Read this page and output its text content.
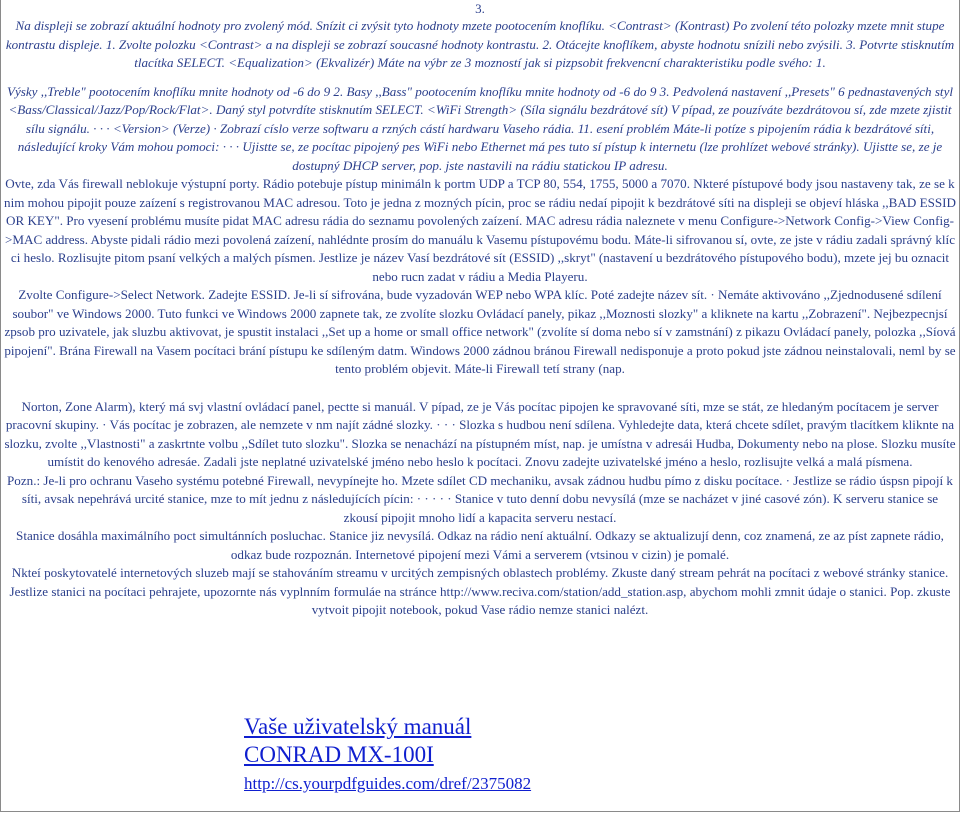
3.

Na displeji se zobrazí aktuální hodnoty pro zvolený mód. Snízit ci zvýsit tyto hodnoty mzete pootocením knoflíku. <Contrast> (Kontrast) Po zvolení této polozky mzete mnit stupe kontrastu displeje. 1. Zvolte polozku <Contrast> a na displeji se zobrazí soucasné hodnoty kontrastu. 2. Otácejte knoflíkem, abyste hodnotu snízili nebo zvýsili. 3. Potvrte stisknutím tlacítka SELECT. <Equalization> (Ekvalizér) Máte na výbr ze 3 mozností jak si pizpsobit frekvencní charakteristiku podle svého: 1.

Výsky ,,Treble" pootocením knoflíku mnite hodnoty od -6 do 9 2. Basy ,,Bass" pootocením knoflíku mnite hodnoty od -6 do 9 3. Pedvolená nastavení ,,Presets" 6 pednastavených styl <Bass/Classical/Jazz/Pop/Rock/Flat>. Daný styl potvrdíte stisknutím SELECT. <WiFi Strength> (Síla signálu bezdrátové sít) V pípad, ze pouzíváte bezdrátovou sí, zde mzete zjistit sílu signálu. · · · <Version> (Verze) · Zobrazí císlo verze softwaru a rzných cástí hardwaru Vaseho rádia. 11. esení problém Máte-li potíze s pipojením rádia k bezdrátové síti, následující kroky Vám mohou pomoci: · · · Ujistte se, ze pocítac pipojený pes WiFi nebo Ethernet má pes tuto sí pístup k internetu (lze prohlízet webové stránky). Ujistte se, ze je dostupný DHCP server, pop. jste nastavili na rádiu statickou IP adresu.

Ovte, zda Vás firewall neblokuje výstupní porty. Rádio potebuje pístup minimáln k portm UDP a TCP 80, 554, 1755, 5000 a 7070. Nkteré pístupové body jsou nastaveny tak, ze se k nim mohou pipojit pouze zaízení s registrovanou MAC adresou. Toto je jedna z mozných pícin, proc se rádiu nedaí pipojit k bezdrátové síti na displeji se objeví hláska ,,BAD ESSID OR KEY". Pro vyesení problému musíte pidat MAC adresu rádia do seznamu povolených zaízení. MAC adresu rádia naleznete v menu Configure->Network Config->View Config->MAC address. Abyste pidali rádio mezi povolená zaízení, nahlédnte prosím do manuálu k Vasemu pístupovému bodu. Máte-li sifrovanou sí, ovte, ze jste v rádiu zadali správný klíc ci heslo. Rozlisujte pitom psaní velkých a malých písmen. Jestlize je název Vasí bezdrátové sít (ESSID) ,,skryt" (nastavení u bezdrátového pístupového bodu), mzete jej bu oznacit nebo rucn zadat v rádiu a Media Playeru.

Zvolte Configure->Select Network. Zadejte ESSID. Je-li sí sifrována, bude vyzadován WEP nebo WPA klíc. Poté zadejte název sít. · Nemáte aktivováno ,,Zjednodusené sdílení soubor" ve Windows 2000. Tuto funkci ve Windows 2000 zapnete tak, ze zvolíte slozku Ovládací panely, pikaz ,,Moznosti slozky" a kliknete na kartu ,,Zobrazení". Nejbezpecnjsí zpsob pro uzivatele, jak sluzbu aktivovat, je spustit instalaci ,,Set up a home or small office network" (zvolíte sí doma nebo sí v zamstnání) z pikazu Ovládací panely, polozka ,,Síová pipojení". Brána Firewall na Vasem pocítaci brání pístupu ke sdíleným datm. Windows 2000 zádnou bránou Firewall nedisponuje a proto pokud jste zádnou neinstalovali, neml by se tento problém objevit. Máte-li Firewall tetí strany (nap.

Norton, Zone Alarm), který má svj vlastní ovládací panel, pectte si manuál. V pípad, ze je Vás pocítac pipojen ke spravované síti, mze se stát, ze hledaným pocítacem je server pracovní skupiny. · Vás pocítac je zobrazen, ale nemzete v nm najít zádné slozky. · · · Slozka s hudbou není sdílena. Vyhledejte data, která chcete sdílet, pravým tlacítkem kliknte na slozku, zvolte ,,Vlastnosti" a zaskrtnte volbu ,,Sdílet tuto slozku". Slozka se nenachází na pístupném míst, nap. je umístna v adresái Hudba, Dokumenty nebo na plose. Slozku musíte umístit do kenového adresáe. Zadali jste neplatné uzivatelské jméno nebo heslo k pocítaci. Znovu zadejte uzivatelské jméno a heslo, rozlisujte velká a malá písmena.

Pozn.: Je-li pro ochranu Vaseho systému potebné Firewall, nevypínejte ho. Mzete sdílet CD mechaniku, avsak zádnou hudbu pímo z disku pocítace. · Jestlize se rádio úspsn pipojí k síti, avsak nepehrává urcité stanice, mze to mít jednu z následujících pícin: · · · · · Stanice v tuto denní dobu nevysílá (mze se nacházet v jiné casové zón). K serveru stanice se zkousí pipojit mnoho lidí a kapacita serveru nestací.

Stanice dosáhla maximálního poct simultánních posluchac. Stanice jiz nevysílá. Odkaz na rádio není aktuální. Odkazy se aktualizují denn, coz znamená, ze az píst zapnete rádio, odkaz bude rozpoznán. Internetové pipojení mezi Vámi a serverem (vtsinou v cizin) je pomalé.

Nkteí poskytovatelé internetových sluzeb mají se stahováním streamu v urcitých zempisných oblastech problémy. Zkuste daný stream pehrát na pocítaci z webové stránky stanice. Jestlize stanici na pocítaci pehrajete, upozornte nás vyplnním formuláe na stránce http://www.reciva.com/station/add_station.asp, abychom mohli zmnit údaje o stanici. Pop. zkuste vytvoit pipojit notebook, pokud Vase rádio nemze stanici nalézt.

Vaše uživatelský manuál
CONRAD MX-100I
http://cs.yourpdfguides.com/dref/2375082
